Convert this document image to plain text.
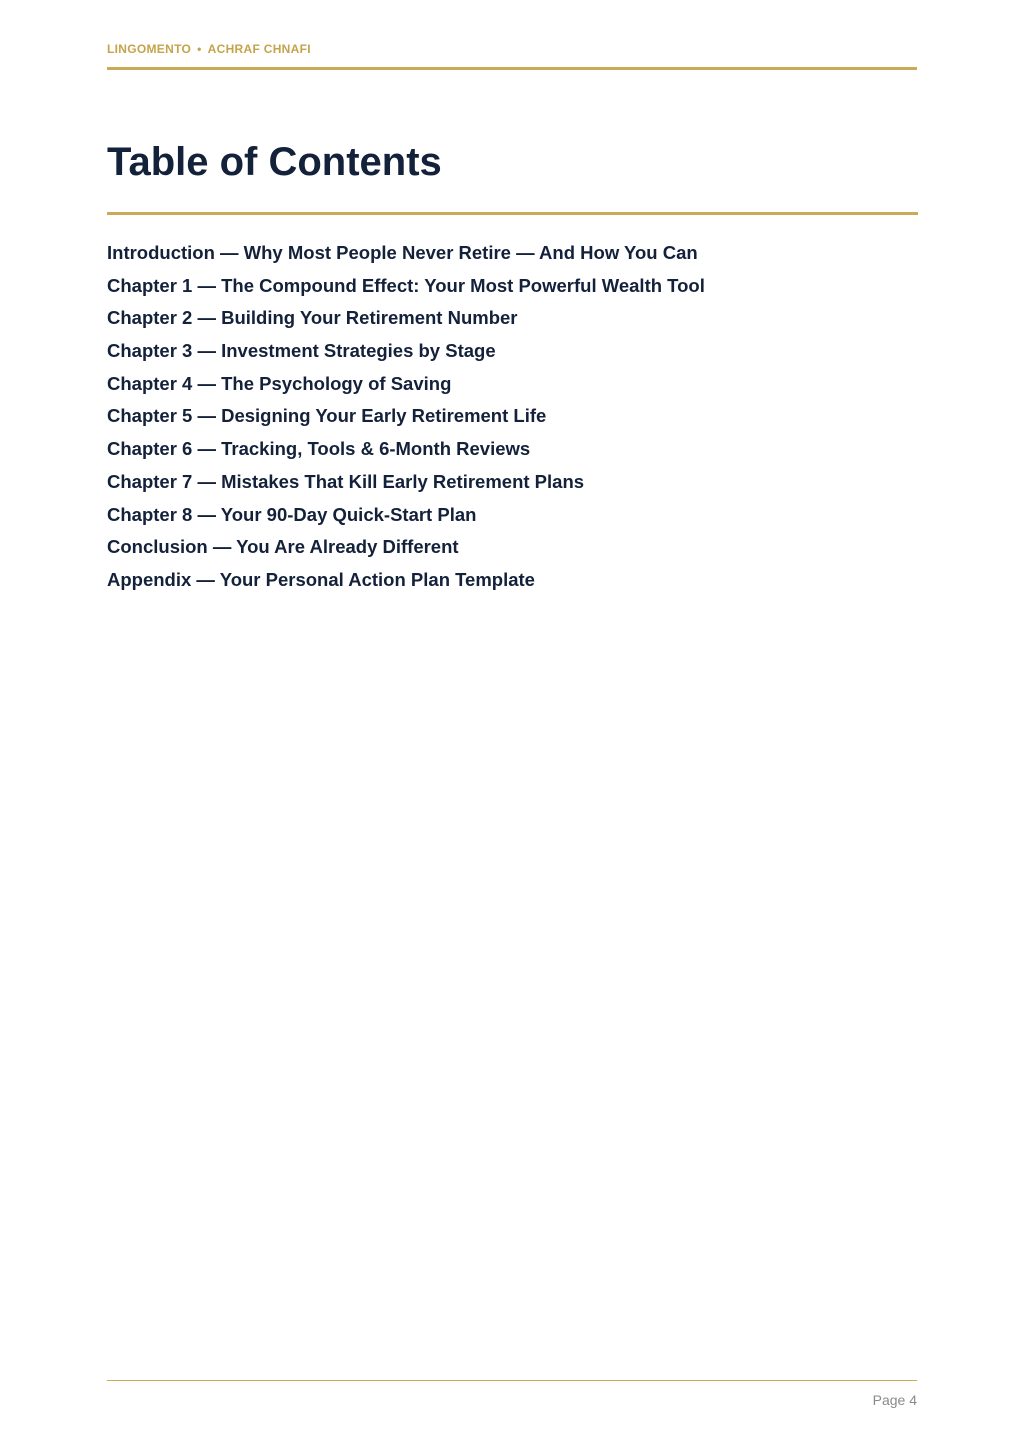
LINGOMENTO • ACHRAF CHNAFI
Table of Contents
Introduction — Why Most People Never Retire — And How You Can
Chapter 1 — The Compound Effect: Your Most Powerful Wealth Tool
Chapter 2 — Building Your Retirement Number
Chapter 3 — Investment Strategies by Stage
Chapter 4 — The Psychology of Saving
Chapter 5 — Designing Your Early Retirement Life
Chapter 6 — Tracking, Tools & 6-Month Reviews
Chapter 7 — Mistakes That Kill Early Retirement Plans
Chapter 8 — Your 90-Day Quick-Start Plan
Conclusion — You Are Already Different
Appendix — Your Personal Action Plan Template
Page 4
